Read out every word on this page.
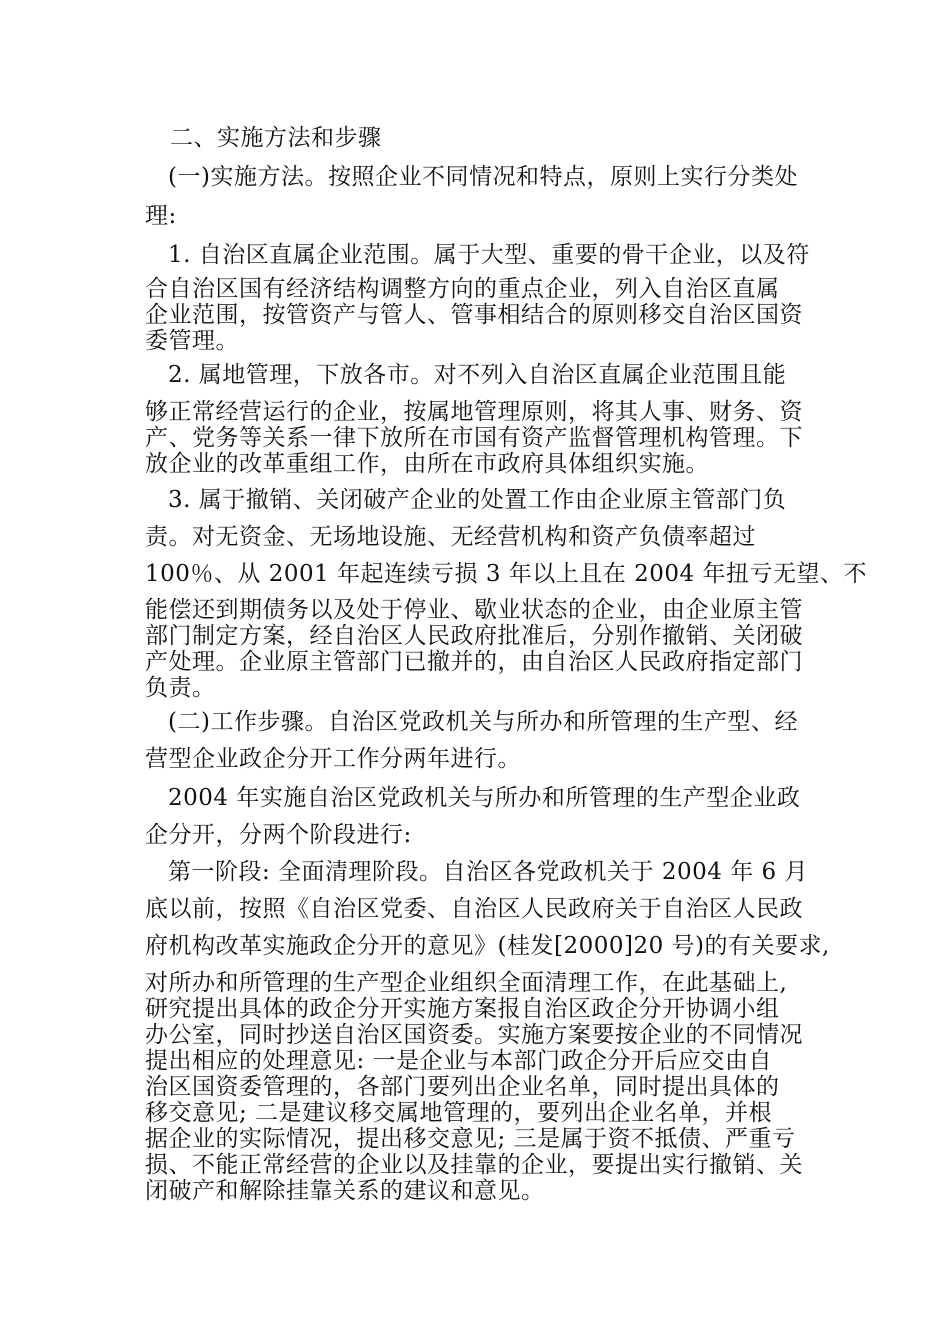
二、实施方法和步骤
(一)实施方法。按照企业不同情况和特点，原则上实行分类处
理:
1. 自治区直属企业范围。属于大型、重要的骨干企业，以及符
合自治区国有经济结构调整方向的重点企业，列入自治区直属
企业范围，按管资产与管人、管事相结合的原则移交自治区国资
委管理。
2. 属地管理，下放各市。对不列入自治区直属企业范围且能
够正常经营运行的企业，按属地管理原则，将其人事、财务、资
产、党务等关系一律下放所在市国有资产监督管理机构管理。下
放企业的改革重组工作，由所在市政府具体组织实施。
3. 属于撤销、关闭破产企业的处置工作由企业原主管部门负
责。对无资金、无场地设施、无经营机构和资产负债率超过
100％、从 2001 年起连续亏损 3 年以上且在 2004 年扭亏无望、不
能偿还到期债务以及处于停业、歇业状态的企业，由企业原主管
部门制定方案，经自治区人民政府批准后，分别作撤销、关闭破
产处理。企业原主管部门已撤并的，由自治区人民政府指定部门
负责。
(二)工作步骤。自治区党政机关与所办和所管理的生产型、经
营型企业政企分开工作分两年进行。
2004 年实施自治区党政机关与所办和所管理的生产型企业政
企分开，分两个阶段进行:
第一阶段: 全面清理阶段。自治区各党政机关于 2004 年 6 月
底以前，按照《自治区党委、自治区人民政府关于自治区人民政
府机构改革实施政企分开的意见》(桂发[2000]20 号)的有关要求,
对所办和所管理的生产型企业组织全面清理工作，在此基础上,
研究提出具体的政企分开实施方案报自治区政企分开协调小组
办公室，同时抄送自治区国资委。实施方案要按企业的不同情况
提出相应的处理意见: 一是企业与本部门政企分开后应交由自
治区国资委管理的，各部门要列出企业名单，同时提出具体的
移交意见; 二是建议移交属地管理的，要列出企业名单，并根
据企业的实际情况，提出移交意见; 三是属于资不抵债、严重亏
损、不能正常经营的企业以及挂靠的企业，要提出实行撤销、关
闭破产和解除挂靠关系的建议和意见。
